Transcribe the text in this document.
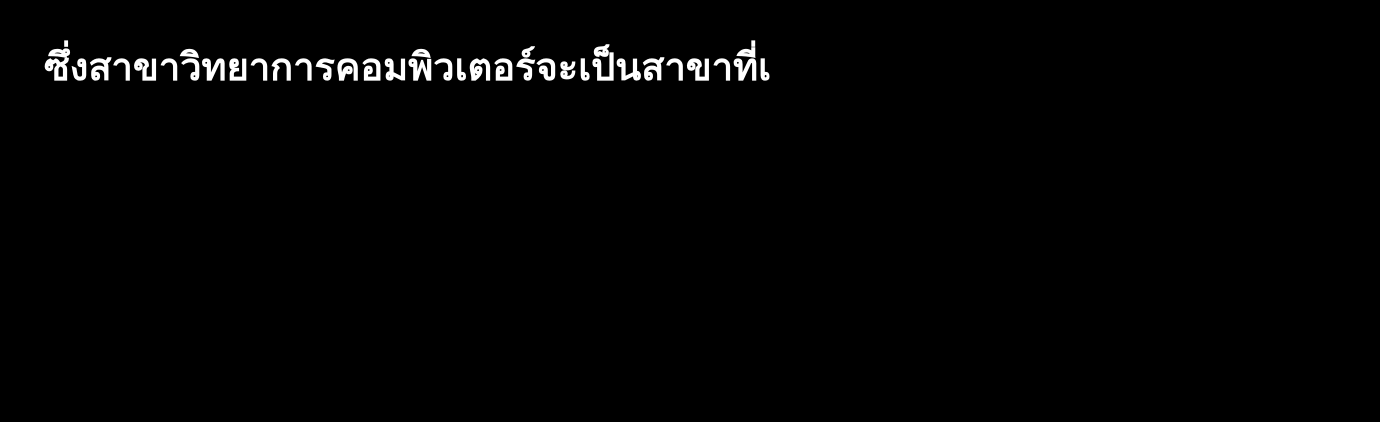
ซึ่งสาขาวิทยาการคอมพิวเตอร์จะเป็นสาขาที่เ
